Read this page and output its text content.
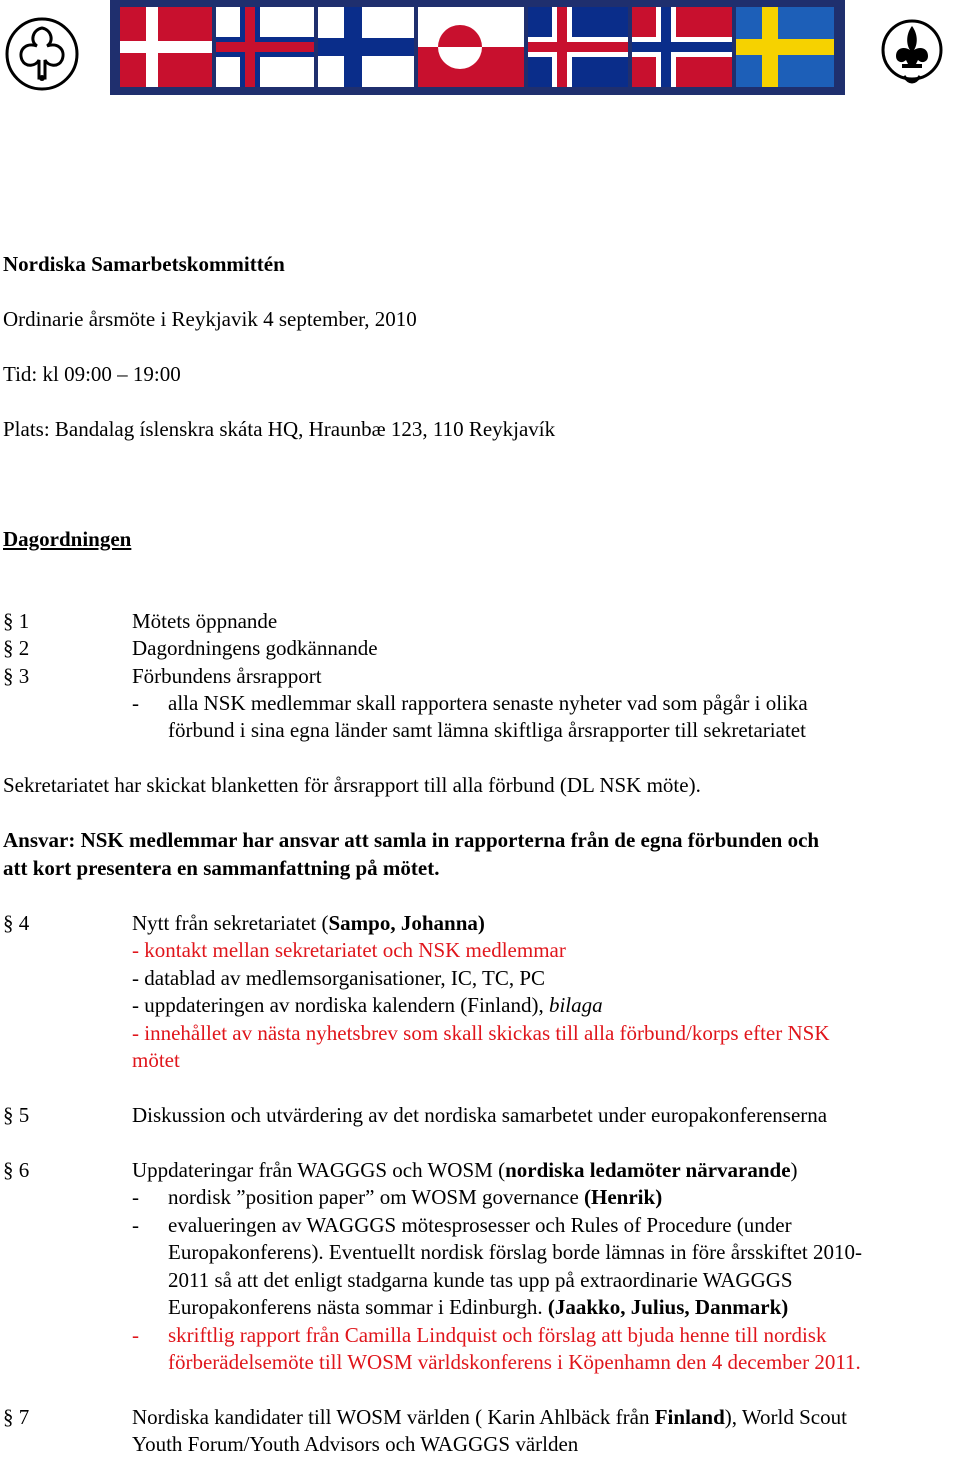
Nordiska Samarbetskommittén
Ordinarie årsmöte i Reykjavik 4 september, 2010
Tid: kl 09:00 – 19:00
Plats: Bandalag íslenskra skáta HQ, Hraunbæ 123, 110 Reykjavík
Dagordningen
§ 1	Mötets öppnande
§ 2	Dagordningens godkännande
§ 3	Förbundens årsrapport
- alla NSK medlemmar skall rapportera senaste nyheter vad som pågår i olika
förbund i sina egna länder samt lämna skiftliga årsrapporter till sekretariatet
Sekretariatet har skickat blanketten för årsrapport till alla förbund (DL NSK möte).
Ansvar: NSK medlemmar har ansvar att samla in rapporterna från de egna förbunden och
att kort presentera en sammanfattning på mötet.
§ 4	Nytt från sekretariatet (Sampo, Johanna)
- kontakt mellan sekretariatet och NSK medlemmar
- datablad av medlemsorganisationer, IC, TC, PC
- uppdateringen av nordiska kalendern (Finland), bilaga
- innehållet av nästa nyhetsbrev som skall skickas till alla förbund/korps efter NSK
mötet
§ 5	Diskussion och utvärdering av det nordiska samarbetet under europakonferenserna
§ 6	Uppdateringar från WAGGGS och WOSM (nordiska ledamöter närvarande)
- nordisk ”position paper” om WOSM governance (Henrik)
- evalueringen av WAGGGS mötesprosesser och Rules of Procedure (under
Europakonferens). Eventuellt nordisk förslag borde lämnas in före årsskiftet 2010-
2011 så att det enligt stadgarna kunde tas upp på extraordinarie WAGGGS
Europakonferens nästa sommar i Edinburgh. (Jaakko, Julius, Danmark)
- skriftlig rapport från Camilla Lindquist och förslag att bjuda henne till nordisk
förberädelsemöte till WOSM världskonferens i Köpenhamn den 4 december 2011.
§ 7	Nordiska kandidater till WOSM världen ( Karin Ahlbäck från Finland), World Scout
Youth Forum/Youth Advisors och WAGGGS världen
